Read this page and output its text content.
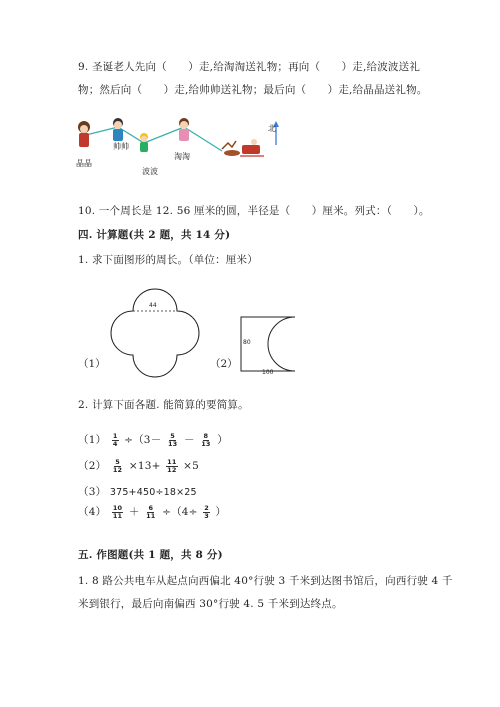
9. 圣诞老人先向（　　）走,给淘淘送礼物；再向（　　）走,给波波送礼
物；然后向（　　）走,给帅帅送礼物；最后向（　　）走,给晶晶送礼物。
晶晶
帅帅
波波
淘淘
北
10. 一个周长是 12. 56 厘米的圆，半径是（　　）厘米。列式：（　　）。
四. 计算题(共 2 题，共 14 分)
1. 求下面图形的周长。（单位：厘米）
44
（1）
80
100
（2）
2. 计算下面各题. 能简算的要简算。
$(1) \frac{1}{4} \div(3- \frac{5}{13} - \frac{8}{13}$ ）
$(2) \frac{5}{12} \times 13+ \frac{11}{12} \times 5$
（3） 375+450÷18×25
$(4) \frac{10}{11} + \frac{6}{11} \div(4\div \frac{2}{3}$ ）
五. 作图题(共 1 题，共 8 分)
1. 8 路公共电车从起点向西偏北 40°行驶 3 千米到达图书馆后，向西行驶 4 千
米到银行，最后向南偏西 30°行驶 4. 5 千米到达终点。
